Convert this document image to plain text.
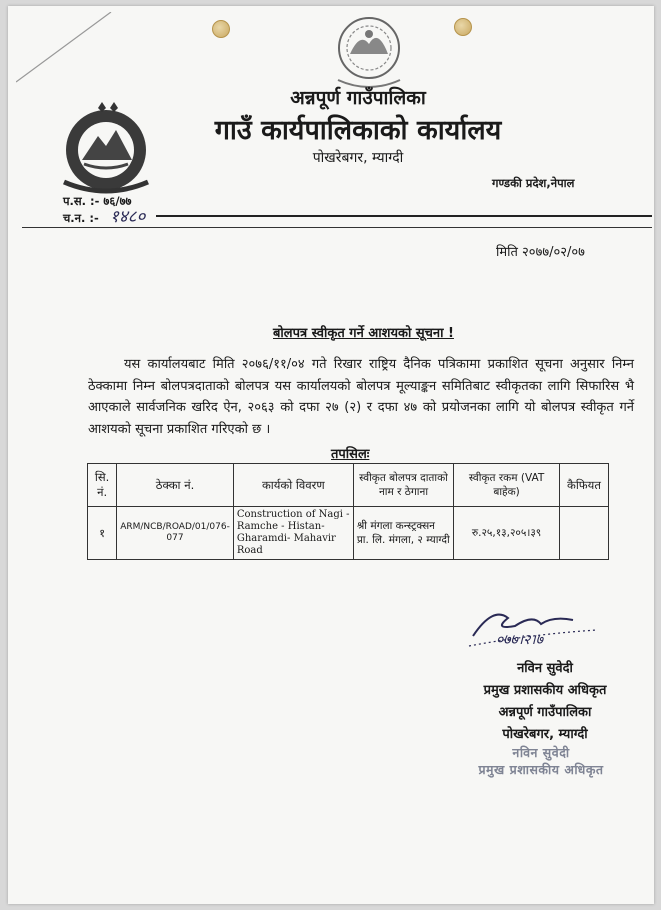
अन्नपूर्ण गाउँपालिका
गाउँ कार्यपालिकाको कार्यालय
पोखरेबगर, म्याग्दी
गण्डकी प्रदेश,नेपाल
प.स. :- ७६/७७
च.न. :- १४८०
मिति २०७७/०२/०७
बोलपत्र स्वीकृत गर्ने आशयको सूचना !
यस कार्यालयबाट मिति २०७६/११/०४ गते रिखार राष्ट्रिय दैनिक पत्रिकामा प्रकाशित सूचना अनुसार निम्न ठेक्कामा निम्न बोलपत्रदाताको बोलपत्र यस कार्यालयको बोलपत्र मूल्याङ्कन समितिबाट स्वीकृतका लागि सिफारिस भै आएकाले सार्वजनिक खरिद ऐन, २०६३ को दफा २७ (२) र दफा ४७ को प्रयोजनका लागि यो बोलपत्र स्वीकृत गर्ने आशयको सूचना प्रकाशित गरिएको छ ।
तपसिलः
सि. नं.	ठेक्का नं.	कार्यको विवरण	स्वीकृत बोलपत्र दाताको नाम र ठेगाना	स्वीकृत रकम (VAT बाहेक)	कैफियत
१	ARM/NCB/ROAD/01/076-077	Construction of Nagi - Ramche - Histan- Gharamdi- Mahavir Road	श्री मंगला कन्स्ट्रक्सन प्रा. लि. मंगला, २ म्याग्दी	रु.२५,१३,२०५।३९	
०७७।२।७
नविन सुवेदी
प्रमुख प्रशासकीय अधिकृत
अन्नपूर्ण गाउँपालिका
पोखरेबगर, म्याग्दी
नविन सुवेदी
प्रमुख प्रशासकीय अधिकृत
